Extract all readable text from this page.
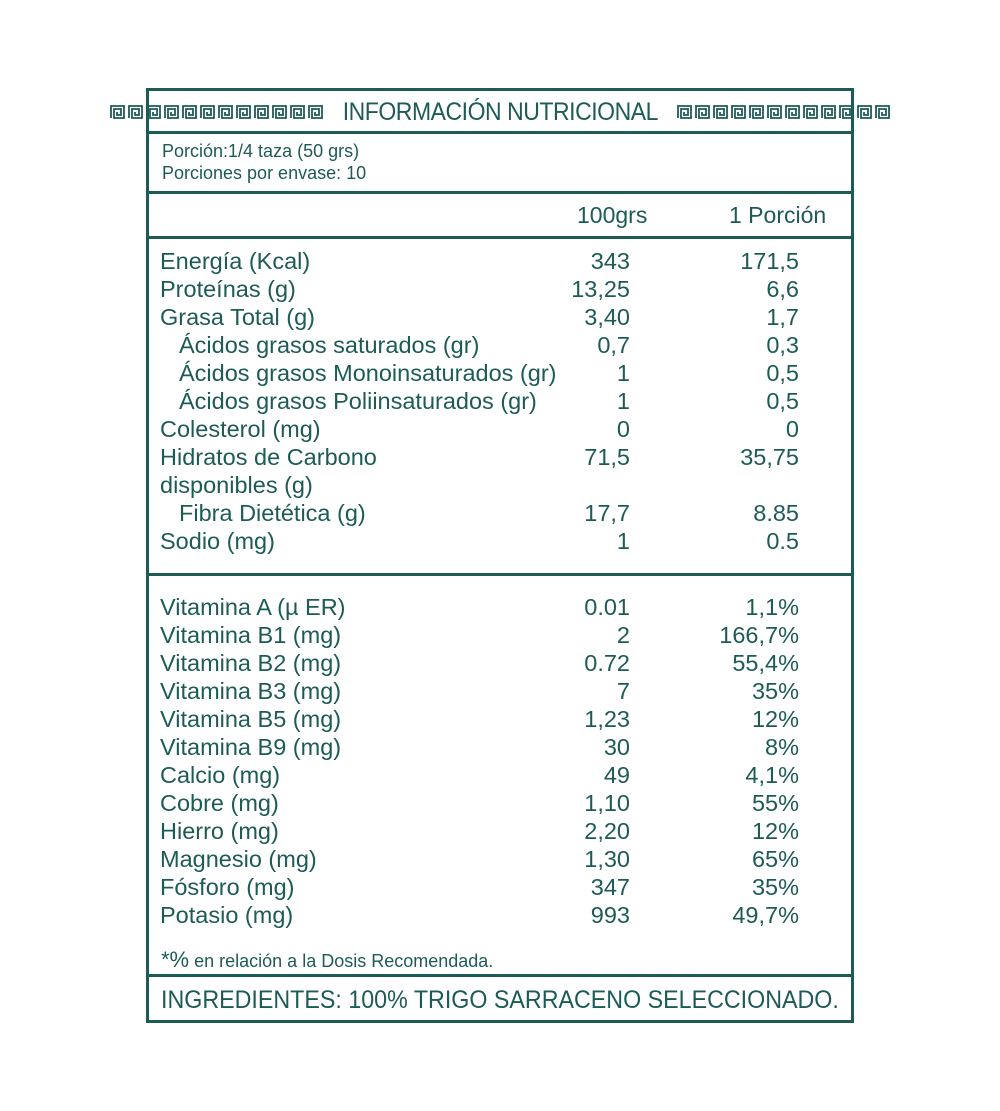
INFORMACIÓN NUTRICIONAL
Porción:1/4 taza (50 grs)
Porciones por envase: 10
100grs	1 Porción
Energía (Kcal)	343	171,5
Proteínas (g)	13,25	6,6
Grasa Total (g)	3,40	1,7
Ácidos grasos saturados (gr)	0,7	0,3
Ácidos grasos Monoinsaturados (gr)	1	0,5
Ácidos grasos Poliinsaturados (gr)	1	0,5
Colesterol (mg)	0	0
Hidratos de Carbono	71,5	35,75
disponibles (g)
Fibra Dietética (g)	17,7	8.85
Sodio (mg)	1	0.5
Vitamina A (µ ER)	0.01	1,1%
Vitamina B1 (mg)	2	166,7%
Vitamina B2 (mg)	0.72	55,4%
Vitamina B3 (mg)	7	35%
Vitamina B5 (mg)	1,23	12%
Vitamina B9 (mg)	30	8%
Calcio (mg)	49	4,1%
Cobre (mg)	1,10	55%
Hierro (mg)	2,20	12%
Magnesio (mg)	1,30	65%
Fósforo (mg)	347	35%
Potasio (mg)	993	49,7%
*% en relación a la Dosis Recomendada.
INGREDIENTES: 100% TRIGO SARRACENO SELECCIONADO.
